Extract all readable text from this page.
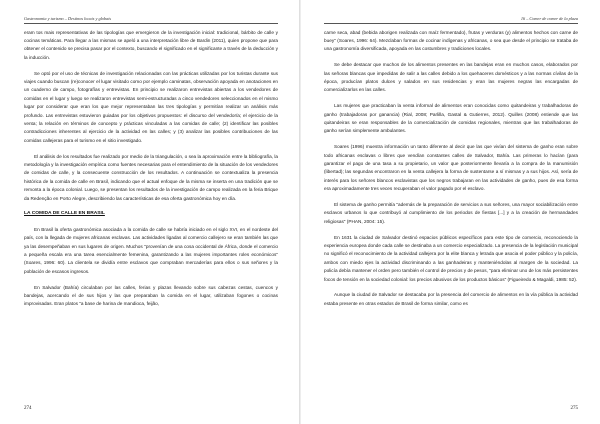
Gastronomia y turismo – Destinos locais y globais

eram tos mais representativas de las tipologías que emergieron de la investigación inicial: tradicional, bárbito de calle y cocinas temáticas. Para llegar a las mismas se apeló a una interpretación libre de Bardin (2011), quien propone que para obtener el contenido se precisa pasar por el contexto, buscando el significado en el significante a través de la deducción y la inducción.

Se optó por el uso de técnicas de investigación relacionadas con las prácticas utilizadas por los turistas durante sus viajes cuando buscan (re)conocer el lugar visitado como por ejemplo caminatas, observación apoyada en anotaciones en un cuaderno de campo, fotografías y entrevistas. En principio se realizaron entrevistas abiertas a los vendedores de comidas en el lugar y luego se realizaron entrevistas semi-estructuradas a cinco vendedores seleccionados en el mismo lugar por considerar que eran los que mejor representaban las tres tipologías y permitían realizar un análisis más profundo. Las entrevistas estuvieron guiadas por los objetivos propuestos: el discurso del vendedor/a; el ejercicio de la venta; la relación en términos de concepto y prácticas vinculadas a las comidas de calle; (2) identificar las posibles contradicciones inherentes al ejercicio de la actividad en las calles; y (3) analizar las posibles contribuciones de las comidas callejeras para el turismo en el sitio investigado.

El análisis de los resultados fue realizado por medio de la triangulación, o sea la aproximación entre la bibliografía, la metodología y la investigación empírica como fuentes necesarias para el entendimiento de la situación de los vendedores de comidas de calle, y la consecuente construcción de los resultados. A continuación se contextualiza la presencia histórica de la comida de calle en Brasil, indicando que el actual enfoque de la misma se inserta en una tradición que se remonta a la época colonial. Luego, se presentan los resultados de la investigación de campo realizada en la feria Brique da Redenção en Porto Alegre, describiendo las características de esa oferta gastronómica hoy en día.

LA COMIDA DE CALLE EN BRASIL

En Brasil la oferta gastronómica asociada a la comida de calle se habría iniciado en el siglo XVI, en el nordeste del país, con la llegada de mujeres africanas esclavas. Las actividades ligadas al comercio callejero se eran también las que ya las desempeñaban en sus lugares de origen. Muchos "provenían de una cosa occidental de África, donde el comercio a pequeña escala era una tarea esencialmente femenina, garantizando a las mujeres importantes roles económicos" (Soares, 1996: 60). La clientela se dividía entre esclavos que compraban mercaderías para ellos o sus señores y la población de escasos ingresos.

En Salvador (Bahía) circulaban por las calles, ferias y plazas llevando sobre sus cabezas cestas, cuencos y bandejas, acercando el de sus hijos y las que preparaban la comida en el lugar, utilizaban fogones o cocinas improvisadas. Eran platos "a base de harina de mandioca, feijão,

274
16 – Comer de comer de la plaza

carne seca, abad (bebida aborigen realizada con maíz fermentado), frutas y verduras (y) alimentos hechos con carne de buey" (Soares, 1996: 64). Mezclaban formas de cocinar indígenas y africanas, o sea que desde el principio se trataba de una gastronomía diversificada, apoyada en las costumbres y tradiciones locales.

Se debe destacar que muchos de los alimentos presentes en las bandejas eran en muchos casos, elaborados por las señoras blancas que impedidas de salir a las calles debido a los quehaceres domésticos y a las normas cívilas de la época, producían platos dulces y salados en sus residencias y eran las mujeres negras las encargadas de comercializarlos en las calles.

Las mujeres que practicaban la venta informal de alimentos eran conocidas como quitandeiras y trabalhadoras de ganho (trabajadoras por ganancia) (Rial, 2008; Parlilla, Gastal & Gutierres, 2012). Quilles (2008) entiende que las quitandeiras se eran responsables de la comercialización de comidas regionales, mientras que las trabalhadoras de ganho serían simplemente ambulantes.

Soares (1996) muestra información un tanto diferente al decir que las que vivían del sistema de ganho eran sobre todo africanas esclavas o libres que vendían constantes calles de Salvador, Bahía. Las primeras lo hacían (para garantizar el pago de una tasa a su propietario, un valor que posteriormente llevaría a la compra de la manumisión (libertad); las segundas encontraron en la venta callejera la forma de sustentarse a sí mismas y a sus hijos. Así, sería de interés para los señores blancos esclavistas que los negros trabajaran en las actividades de ganho, pues de esa forma era aproximadamente tres veces recuperaban el valor pagado por el esclavo.

El sistema de ganho permitía "además de la preparación de servicios a sus señores, una mayor sociabilización entre esclavos urbanos lo que contribuyó al cumplimiento de los periodos de fiestas [...] y a la creación de hermandades religiosas" (PHAN, 2004: 15).

En 1631 la ciudad de Salvador destinó espacios públicos específicos para este tipo de comercio, reconociendo la experiencia europea donde cada calle se destinaba a un comercio especializado. La presencia de la legislación municipal no significó el reconocimiento de la actividad callejera por la elite blanca y letrada que asocia el poder público y la policía, ambos con miedo ejes la actividad discriminando a las ganhadeiras y manteniéndolas al margen de la sociedad. La policía debía mantener el orden pero también el control de precios y de pesos, "para eliminar uno de los más persistentes focos de tensión en la sociedad colonial: los precios abusivos de los productos básicos" (Figueiredo & Magaldi, 1985: 52).

Aunque la ciudad de Salvador se destacaba por la presencia del comercio de alimentos en la vía pública la actividad estaba presente en otras estados de Brasil de forma similar, como es

275
